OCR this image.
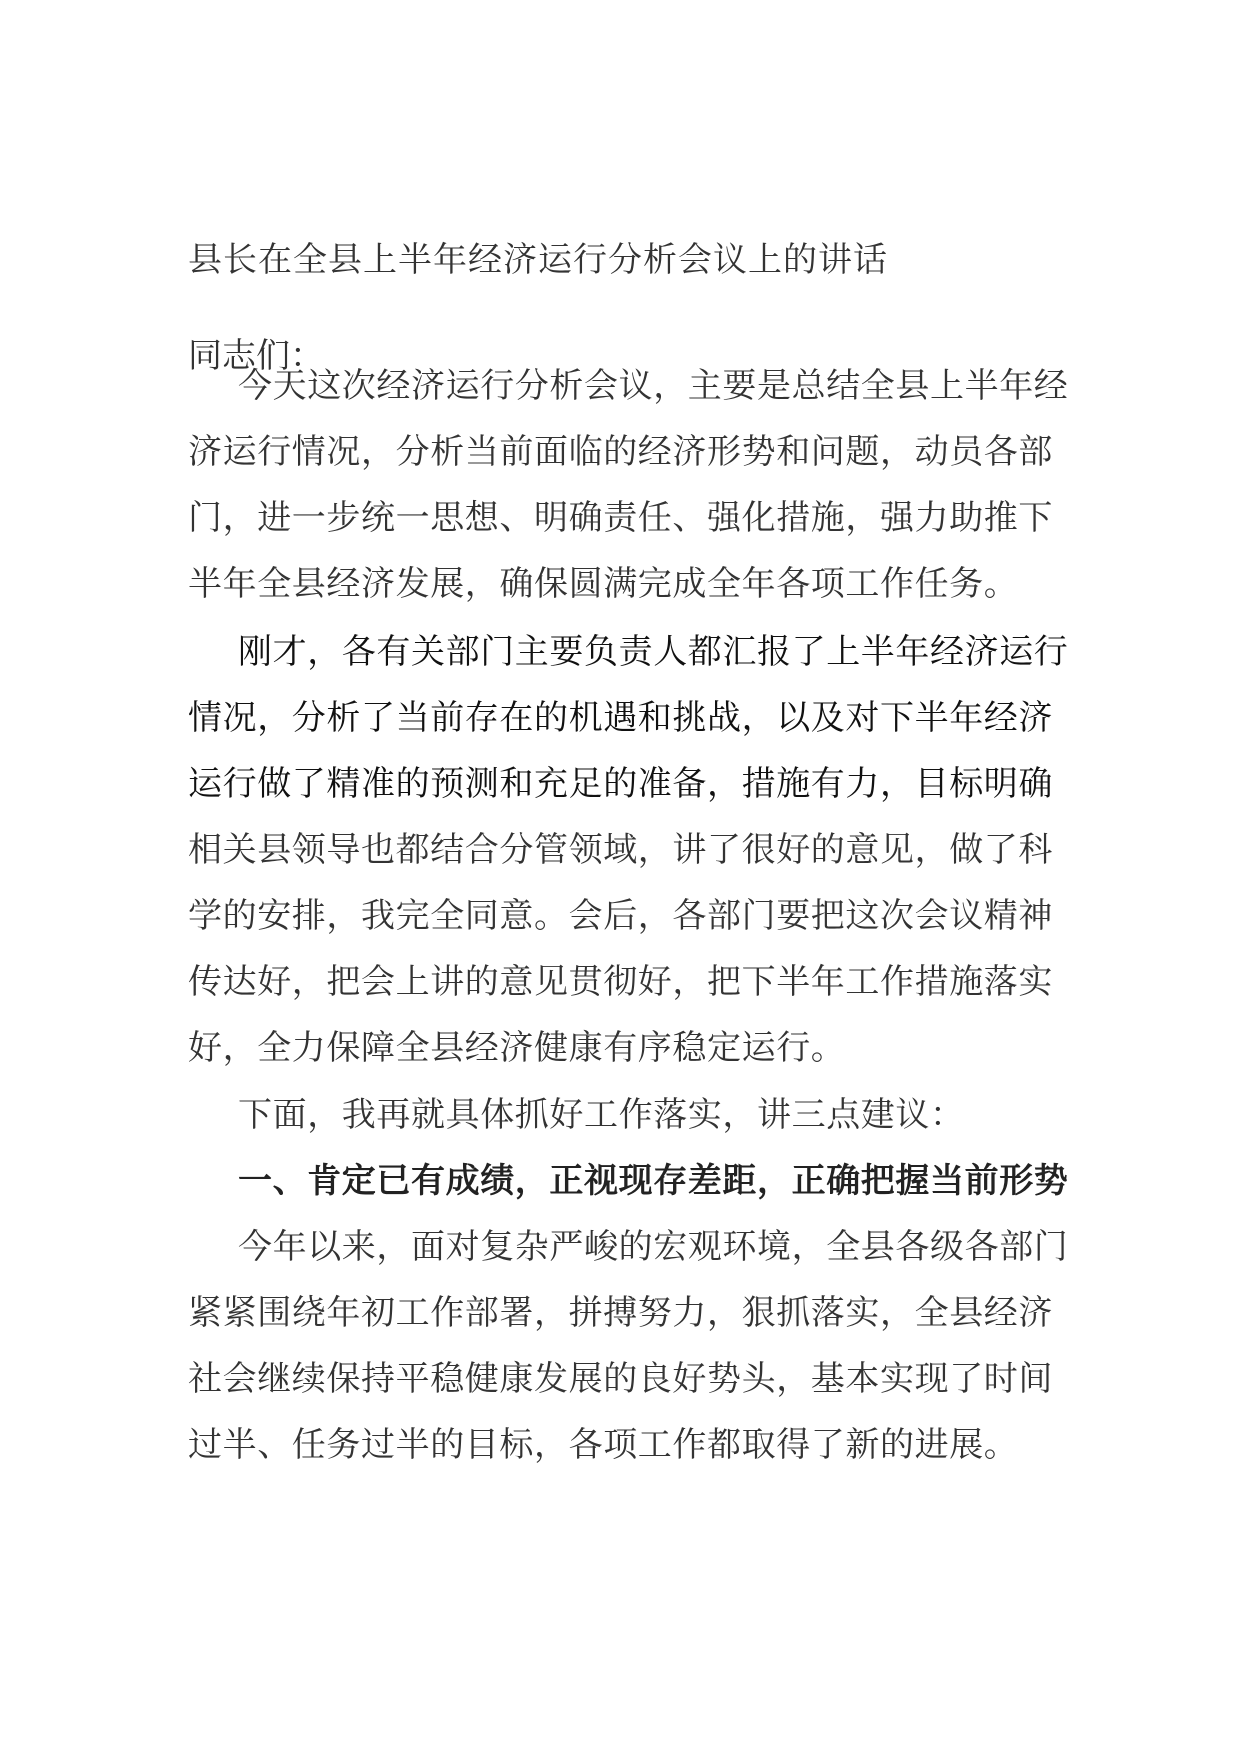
县长在全县上半年经济运行分析会议上的讲话
同志们：
今天这次经济运行分析会议，主要是总结全县上半年经
济运行情况，分析当前面临的经济形势和问题，动员各部
门，进一步统一思想、明确责任、强化措施，强力助推下
半年全县经济发展，确保圆满完成全年各项工作任务。
刚才，各有关部门主要负责人都汇报了上半年经济运行
情况，分析了当前存在的机遇和挑战，以及对下半年经济
运行做了精准的预测和充足的准备，措施有力，目标明确
相关县领导也都结合分管领域，讲了很好的意见，做了科
学的安排，我完全同意。会后，各部门要把这次会议精神
传达好，把会上讲的意见贯彻好，把下半年工作措施落实
好，全力保障全县经济健康有序稳定运行。
下面，我再就具体抓好工作落实，讲三点建议：
一、肯定已有成绩，正视现存差距，正确把握当前形势
今年以来，面对复杂严峻的宏观环境，全县各级各部门
紧紧围绕年初工作部署，拼搏努力，狠抓落实，全县经济
社会继续保持平稳健康发展的良好势头，基本实现了时间
过半、任务过半的目标，各项工作都取得了新的进展。
